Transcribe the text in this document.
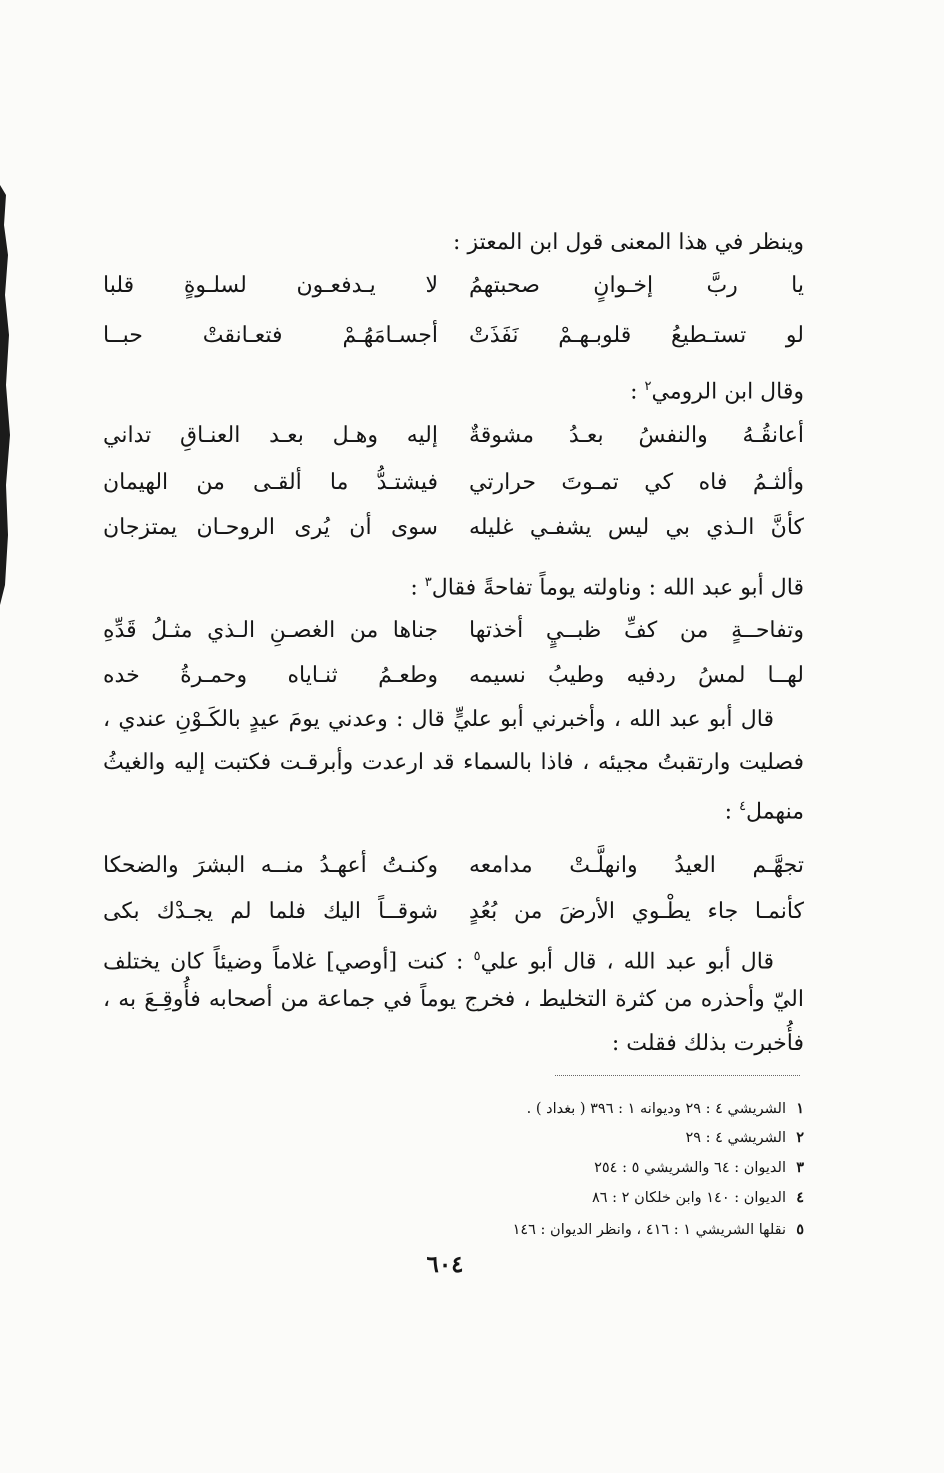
وينظر في هذا المعنى قول ابن المعتز :
يا ربَّ إخـوانٍ صحبتهمُ
لا يـدفعـون لسلـوةٍ قلبا
لو تستـطيعُ قلوبـهـمْ نَفَذَتْ
أجسـامَهُـمْ فتعـانقتْ حبــا
وقال ابن الرومي$^٢$ :
أعانقُـهُ والنفسُ بعـدُ مشوقةٌ
إليه وهـل بعـد العنـاقِ تداني
وألثـمُ فاه كي تمـوتَ حرارتي
فيشتـدُّ ما ألقـى من الهيمان
كأنَّ الـذي بي ليس يشفـي غليله
سوى أن يُرى الروحـان يمتزجان
قال أبو عبد الله : وناولته يوماً تفاحةً فقال$^٣$ :
وتفاحــةٍ من كفِّ ظبــيٍ أخذتها
جناها من الغصـنِ الـذي مثـلُ قَدِّهِ
لهــا لمسُ ردفيه وطيبُ نسيمه
وطعـمُ ثنـاياه وحمـرةُ خده
قال أبو عبد الله ، وأخبرني أبو عليٍّ قال : وعدني يومَ عيدٍ بالكَـوْنِ عندي ،
فصليت وارتقبتُ مجيئه ، فاذا بالسماء قد ارعدت وأبرقـت فكتبت إليه والغيثُ
منهمل$^٤$ :
تجهَّـم العيدُ وانهلَّـتْ مدامعه
وكنـتُ أعهـدُ منــه البشرَ والضحكا
كأنمـا جاء يطْـوي الأرضَ من بُعُدٍ
شوقــاً اليك فلما لم يجـدْك بكى
قال أبو عبد الله ، قال أبو علي$^٥$ : كنت [أوصي] غلاماً وضيئاً كان يختلف
اليّ وأحذره من كثرة التخليط ، فخرج يوماً في جماعة من أصحابه فأُوقِـعَ به ،
فأُخبرت بذلك فقلت :
١الشريشي ٤ : ٢٩ وديوانه ١ : ٣٩٦ ( بغداد ) .
٢الشريشي ٤ : ٢٩
٣الديوان : ٦٤ والشريشي ٥ : ٢٥٤
٤الديوان : ١٤٠ وابن خلكان ٢ : ٨٦
٥نقلها الشريشي ١ : ٤١٦ ، وانظر الديوان : ١٤٦
٦٠٤
